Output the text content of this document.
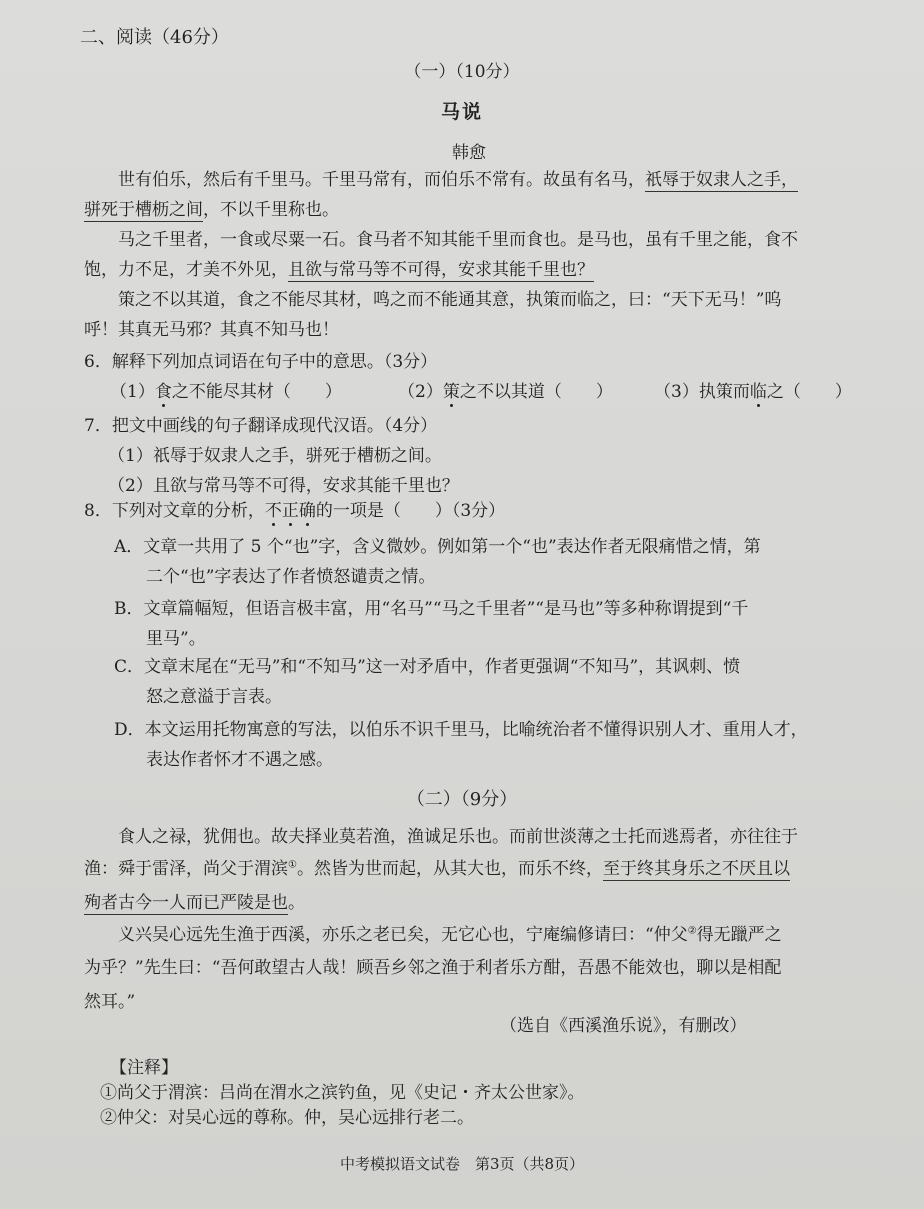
二、阅读（46分）
（一）（10分）
马说
韩愈
世有伯乐，然后有千里马。千里马常有，而伯乐不常有。故虽有名马，祇辱于奴隶人之手，
骈死于槽枥之间，不以千里称也。
马之千里者，一食或尽粟一石。食马者不知其能千里而食也。是马也，虽有千里之能，食不
饱，力不足，才美不外见，且欲与常马等不可得，安求其能千里也？
策之不以其道，食之不能尽其材，鸣之而不能通其意，执策而临之，曰：“天下无马！”呜
呼！其真无马邪？其真不知马也！
6．解释下列加点词语在句子中的意思。（3分）
（1）食之不能尽其材（　　）	（2）策之不以其道（　　）	（3）执策而临之（　　）
7．把文中画线的句子翻译成现代汉语。（4分）
（1）祇辱于奴隶人之手，骈死于槽枥之间。
（2）且欲与常马等不可得，安求其能千里也？
8．下列对文章的分析，不正确的一项是（　　）（3分）
A．文章一共用了 5 个“也”字，含义微妙。例如第一个“也”表达作者无限痛惜之情，第
二个“也”字表达了作者愤怒谴责之情。
B．文章篇幅短，但语言极丰富，用“名马”“马之千里者”“是马也”等多种称谓提到“千
里马”。
C．文章末尾在“无马”和“不知马”这一对矛盾中，作者更强调“不知马”，其讽刺、愤
怒之意溢于言表。
D．本文运用托物寓意的写法，以伯乐不识千里马，比喻统治者不懂得识别人才、重用人才，
表达作者怀才不遇之感。
（二）（9分）
食人之禄，犹佣也。故夫择业莫若渔，渔诚足乐也。而前世淡薄之士托而逃焉者，亦往往于
渔：舜于雷泽，尚父于渭滨①。然皆为世而起，从其大也，而乐不终，至于终其身乐之不厌且以
殉者古今一人而已严陵是也。
义兴吴心远先生渔于西溪，亦乐之老已矣，无它心也，宁庵编修请曰：“仲父②得无躐严之
为乎？”先生曰：“吾何敢望古人哉！顾吾乡邻之渔于利者乐方酣，吾愚不能效也，聊以是相配
然耳。”
（选自《西溪渔乐说》，有删改）
【注释】
①尚父于渭滨：吕尚在渭水之滨钓鱼，见《史记・齐太公世家》。
②仲父：对吴心远的尊称。仲，吴心远排行老二。
中考模拟语文试卷　第3页（共8页）
